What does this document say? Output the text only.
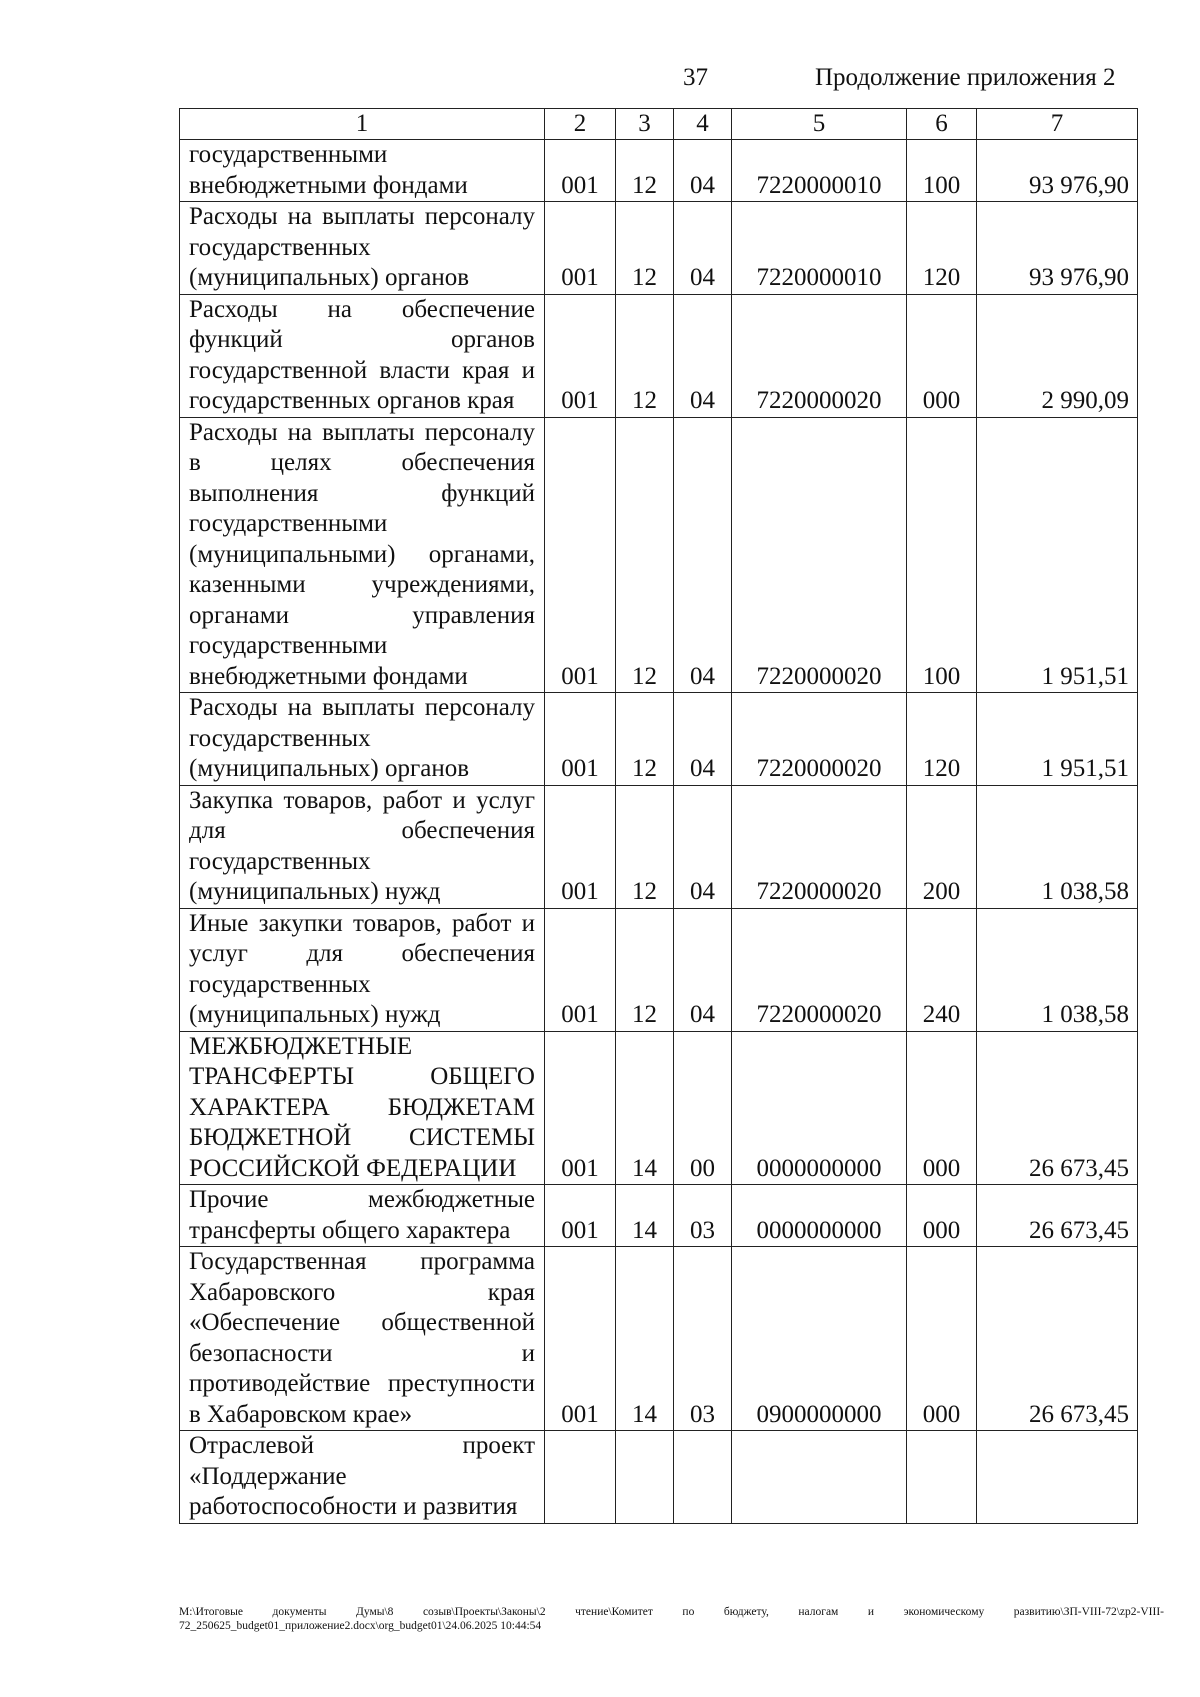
37	Продолжение приложения 2
1	2	3	4	5	6	7
государственными внебюджетными фондами	001	12	04	7220000010	100	93 976,90
Расходы на выплаты персоналу государственных (муниципальных) органов	001	12	04	7220000010	120	93 976,90
Расходы на обеспечение функций органов государственной власти края и государственных органов края	001	12	04	7220000020	000	2 990,09
Расходы на выплаты персоналу в целях обеспечения выполнения функций государственными (муниципальными) органами, казенными учреждениями, органами управления государственными внебюджетными фондами	001	12	04	7220000020	100	1 951,51
Расходы на выплаты персоналу государственных (муниципальных) органов	001	12	04	7220000020	120	1 951,51
Закупка товаров, работ и услуг для обеспечения государственных (муниципальных) нужд	001	12	04	7220000020	200	1 038,58
Иные закупки товаров, работ и услуг для обеспечения государственных (муниципальных) нужд	001	12	04	7220000020	240	1 038,58
МЕЖБЮДЖЕТНЫЕ ТРАНСФЕРТЫ ОБЩЕГО ХАРАКТЕРА БЮДЖЕТАМ БЮДЖЕТНОЙ СИСТЕМЫ РОССИЙСКОЙ ФЕДЕРАЦИИ	001	14	00	0000000000	000	26 673,45
Прочие межбюджетные трансферты общего характера	001	14	03	0000000000	000	26 673,45
Государственная программа Хабаровского края «Обеспечение общественной безопасности и противодействие преступности в Хабаровском крае»	001	14	03	0900000000	000	26 673,45
Отраслевой проект «Поддержание работоспособности и развития						
M:\Итоговые документы Думы\8 созыв\Проекты\Законы\2 чтение\Комитет по бюджету, налогам и экономическому развитию\ЗП-VIII-72\zp2-VIII-72_250625_budget01_приложение2.docx\org_budget01\24.06.2025 10:44:54
